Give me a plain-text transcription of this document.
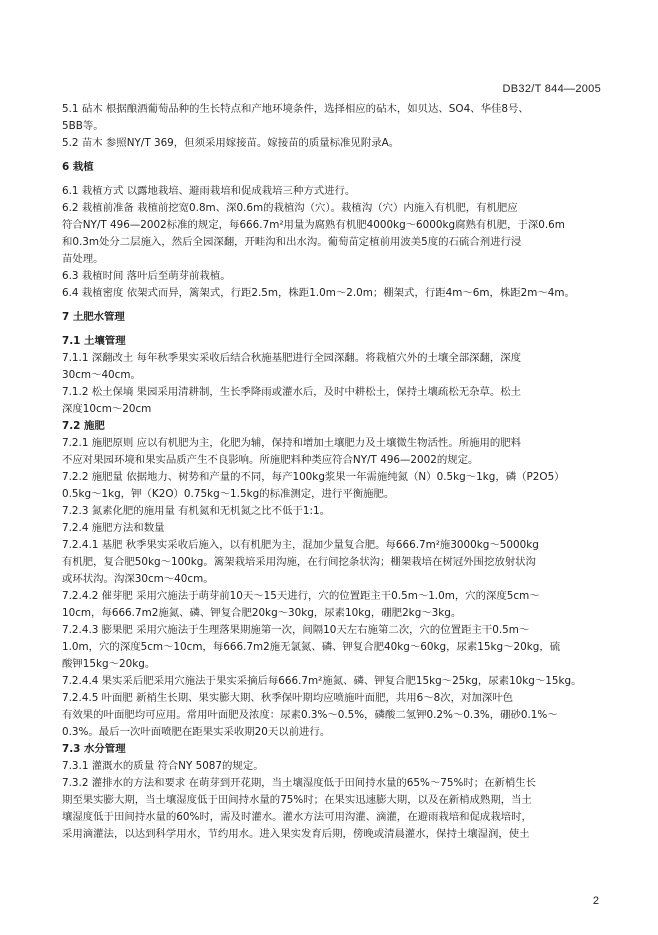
DB32/T 844—2005
5.1 砧木 根据酿酒葡萄品种的生长特点和产地环境条件，选择相应的砧木，如贝达、SO4、华佳8号、
5BB等。
5.2 苗木 参照NY/T 369，但须采用嫁接苗。嫁接苗的质量标准见附录A。
6 栽植
6.1 栽植方式 以露地栽培、避雨栽培和促成栽培三种方式进行。
6.2 栽植前准备 栽植前挖宽0.8m、深0.6m的栽植沟（穴）。栽植沟（穴）内施入有机肥，有机肥应
符合NY/T 496—2002标准的规定，每666.7m²用量为腐熟有机肥4000kg～6000kg腐熟有机肥，于深0.6m
和0.3m处分二层施入，然后全园深翻，开畦沟和出水沟。葡萄苗定植前用波美5度的石硫合剂进行浸
苗处理。
6.3 栽植时间 落叶后至萌芽前栽植。
6.4 栽植密度 依架式而异，篱架式，行距2.5m，株距1.0m～2.0m；棚架式，行距4m～6m，株距2m～4m。
7 土肥水管理
7.1 土壤管理
7.1.1 深翻改土 每年秋季果实采收后结合秋施基肥进行全园深翻。将栽植穴外的土壤全部深翻，深度
30cm～40cm。
7.1.2 松土保墒 果园采用清耕制，生长季降雨或灌水后，及时中耕松土，保持土壤疏松无杂草。松土
深度10cm～20cm
7.2 施肥
7.2.1 施肥原则 应以有机肥为主，化肥为辅，保持和增加土壤肥力及土壤微生物活性。所施用的肥料
不应对果园环境和果实品质产生不良影响。所施肥料种类应符合NY/T 496—2002的规定。
7.2.2 施肥量 依据地力、树势和产量的不同，每产100kg浆果一年需施纯氮（N）0.5kg～1kg，磷（P2O5）
0.5kg～1kg，钾（K2O）0.75kg～1.5kg的标准测定，进行平衡施肥。
7.2.3 氮素化肥的施用量 有机氮和无机氮之比不低于1:1。
7.2.4 施肥方法和数量
7.2.4.1 基肥 秋季果实采收后施入，以有机肥为主，混加少量复合肥。每666.7m²施3000kg～5000kg
有机肥，复合肥50kg～100kg。篱架栽培采用沟施，在行间挖条状沟；棚架栽培在树冠外围挖放射状沟
或环状沟。沟深30cm～40cm。
7.2.4.2 催芽肥 采用穴施法于萌芽前10天～15天进行，穴的位置距主干0.5m～1.0m，穴的深度5cm～
10cm，每666.7m2施氮、磷、钾复合肥20kg～30kg，尿素10kg，硼肥2kg～3kg。
7.2.4.3 膨果肥 采用穴施法于生理落果期施第一次，间隔10天左右施第二次，穴的位置距主干0.5m～
1.0m，穴的深度5cm～10cm，每666.7m2施无氯氮、磷、钾复合肥40kg～60kg，尿素15kg～20kg，硫
酸钾15kg～20kg。
7.2.4.4 果实采后肥采用穴施法于果实采摘后每666.7m²施氮、磷、钾复合肥15kg～25kg，尿素10kg～15kg。
7.2.4.5 叶面肥 新梢生长期、果实膨大期、秋季保叶期均应喷施叶面肥，共用6～8次，对加深叶色
有效果的叶面肥均可应用。常用叶面肥及浓度：尿素0.3%～0.5%，磷酸二氢钾0.2%～0.3%，硼砂0.1%～
0.3%。最后一次叶面喷肥在距果实采收期20天以前进行。
7.3 水分管理
7.3.1 灌溉水的质量 符合NY 5087的规定。
7.3.2 灌排水的方法和要求 在萌芽到开花期，当土壤湿度低于田间持水量的65%～75%时；在新梢生长
期至果实膨大期，当土壤湿度低于田间持水量的75%时；在果实迅速膨大期，以及在新梢成熟期，当土
壤湿度低于田间持水量的60%时，需及时灌水。灌水方法可用沟灌、滴灌，在避雨栽培和促成栽培时，
采用滴灌法，以达到科学用水，节约用水。进入果实发育后期，傍晚或清晨灌水，保持土壤湿润，使土
2
